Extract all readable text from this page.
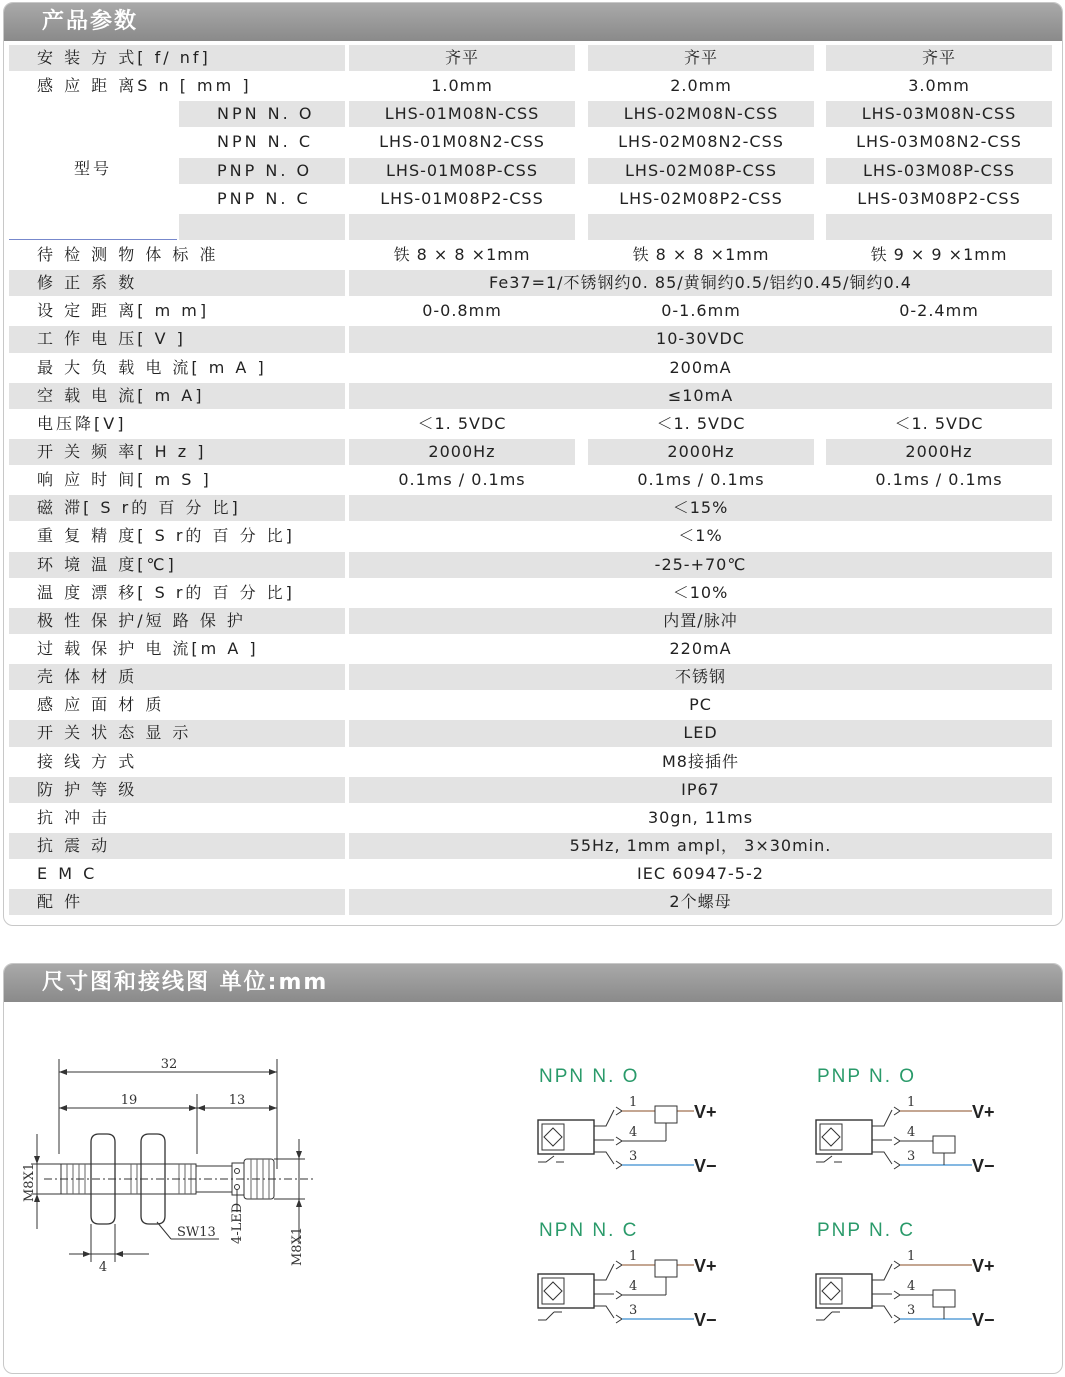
产品参数
安 装 方 式[ f/ nf]	齐平	齐平	齐平
感 应 距 离S n [ mm ]	1.0mm	2.0mm	3.0mm
型号
NPN N. O	LHS-01M08N-CSS	LHS-02M08N-CSS	LHS-03M08N-CSS
NPN N. C	LHS-01M08N2-CSS	LHS-02M08N2-CSS	LHS-03M08N2-CSS
PNP N. O	LHS-01M08P-CSS	LHS-02M08P-CSS	LHS-03M08P-CSS
PNP N. C	LHS-01M08P2-CSS	LHS-02M08P2-CSS	LHS-03M08P2-CSS
待 检 测 物 体 标 准	铁 8 × 8 ×1mm	铁 8 × 8 ×1mm	铁 9 × 9 ×1mm
修 正 系 数	Fe37=1/不锈钢约0. 85/黄铜约0.5/铝约0.45/铜约0.4
设 定 距 离[ m m]	0-0.8mm	0-1.6mm	0-2.4mm
工 作 电 压[ V ]	10-30VDC
最 大 负 载 电 流[ m A ]	200mA
空 载 电 流[ m A]	≤10mA
电压降[V]	＜1. 5VDC	＜1. 5VDC	＜1. 5VDC
开 关 频 率[ H z ]	2000Hz	2000Hz	2000Hz
响 应 时 间[ m S ]	0.1ms / 0.1ms	0.1ms / 0.1ms	0.1ms / 0.1ms
磁 滞[ S r的 百 分 比]	＜15%
重 复 精 度[ S r的 百 分 比]	＜1%
环 境 温 度[℃]	-25-+70℃
温 度 漂 移[ S r的 百 分 比]	＜10%
极 性 保 护/短 路 保 护	内置/脉冲
过 载 保 护 电 流[m A ]	220mA
壳 体 材 质	不锈钢
感 应 面 材 质	PC
开 关 状 态 显 示	LED
接 线 方 式	M8接插件
防 护 等 级	IP67
抗 冲 击	30gn, 11ms
抗 震 动	55Hz, 1mm ampl， 3×30min.
E M C	IEC 60947-5-2
配 件	2个螺母
尺寸图和接线图 单位:mm
32
19	13
4
SW13
M8X1
4-LED
M8X1
NPN N. O
1
4
3
V+
V−
PNP N. O
1
4
3
V+
V−
NPN N. C
1
4
3
V+
V−
PNP N. C
1
4
3
V+
V−
